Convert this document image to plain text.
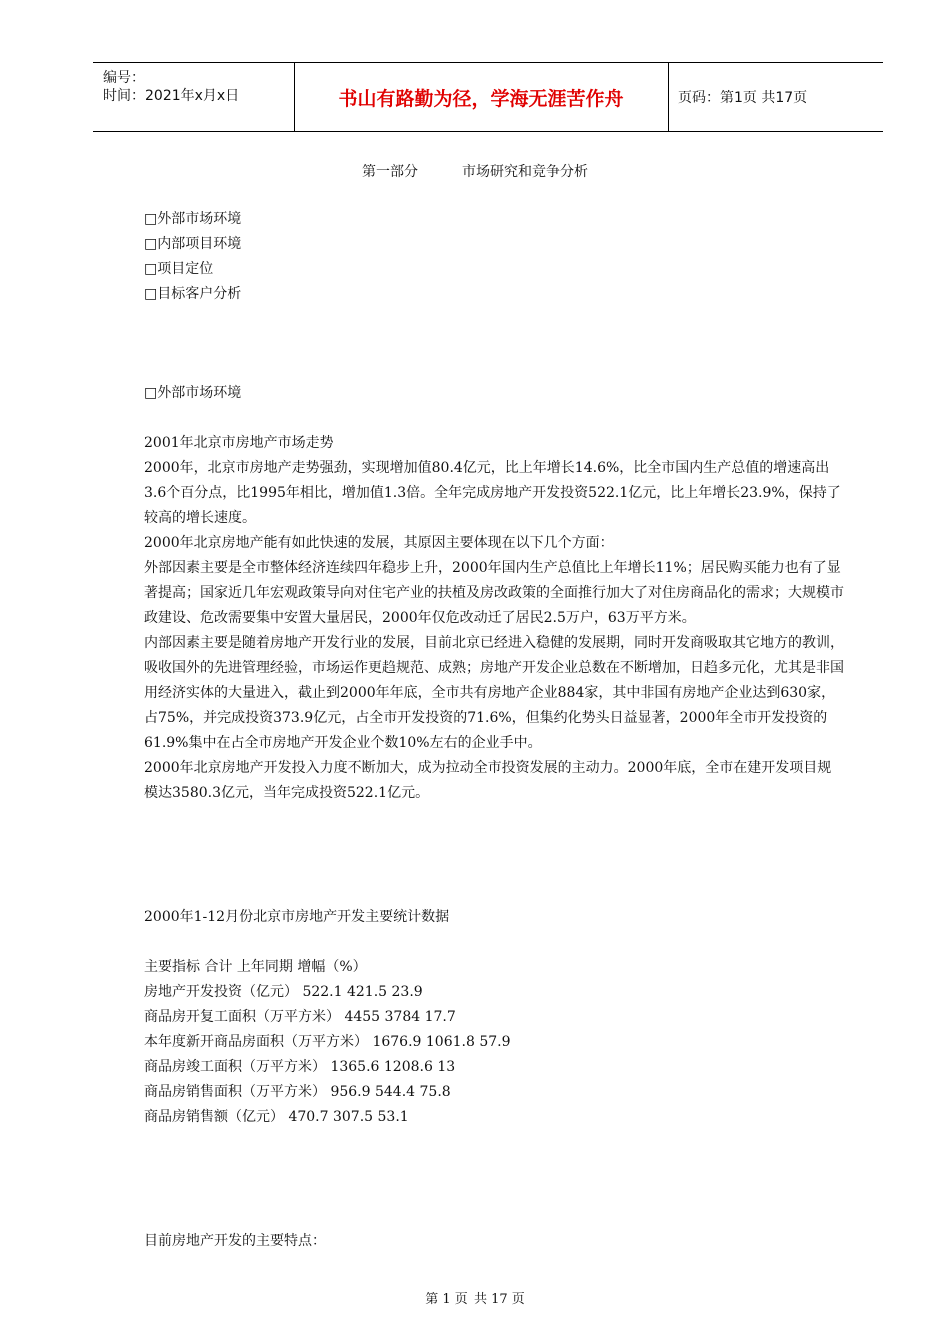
编号：
时间：2021年x月x日	书山有路勤为径，学海无涯苦作舟	页码：第1页 共17页
第一部分	市场研究和竞争分析

□外部市场环境

□内部项目环境

□项目定位

□目标客户分析

□外部市场环境

2001年北京市房地产市场走势

2000年，北京市房地产走势强劲，实现增加值80.4亿元，比上年增长14.6%，比全市国内生产总值的增速高出3.6个百分点，比1995年相比，增加值1.3倍。全年完成房地产开发投资522.1亿元，比上年增长23.9%，保持了较高的增长速度。

2000年北京房地产能有如此快速的发展，其原因主要体现在以下几个方面：

外部因素主要是全市整体经济连续四年稳步上升，2000年国内生产总值比上年增长11%；居民购买能力也有了显著提高；国家近几年宏观政策导向对住宅产业的扶植及房改政策的全面推行加大了对住房商品化的需求；大规模市政建设、危改需要集中安置大量居民，2000年仅危改动迁了居民2.5万户，63万平方米。

内部因素主要是随着房地产开发行业的发展，目前北京已经进入稳健的发展期，同时开发商吸取其它地方的教训，吸收国外的先进管理经验，市场运作更趋规范、成熟；房地产开发企业总数在不断增加，日趋多元化，尤其是非国用经济实体的大量进入，截止到2000年年底，全市共有房地产企业884家，其中非国有房地产企业达到630家，占75%，并完成投资373.9亿元，占全市开发投资的71.6%，但集约化势头日益显著，2000年全市开发投资的61.9%集中在占全市房地产开发企业个数10%左右的企业手中。

2000年北京房地产开发投入力度不断加大，成为拉动全市投资发展的主动力。2000年底，全市在建开发项目规模达3580.3亿元，当年完成投资522.1亿元。

2000年1-12月份北京市房地产开发主要统计数据

主要指标 合计 上年同期 增幅（%）

房地产开发投资（亿元） 522.1 421.5 23.9

商品房开复工面积（万平方米） 4455 3784 17.7

本年度新开商品房面积（万平方米） 1676.9 1061.8 57.9

商品房竣工面积（万平方米） 1365.6 1208.6 13

商品房销售面积（万平方米） 956.9 544.4 75.8

商品房销售额（亿元） 470.7 307.5 53.1

目前房地产开发的主要特点：
第 1 页 共 17 页
